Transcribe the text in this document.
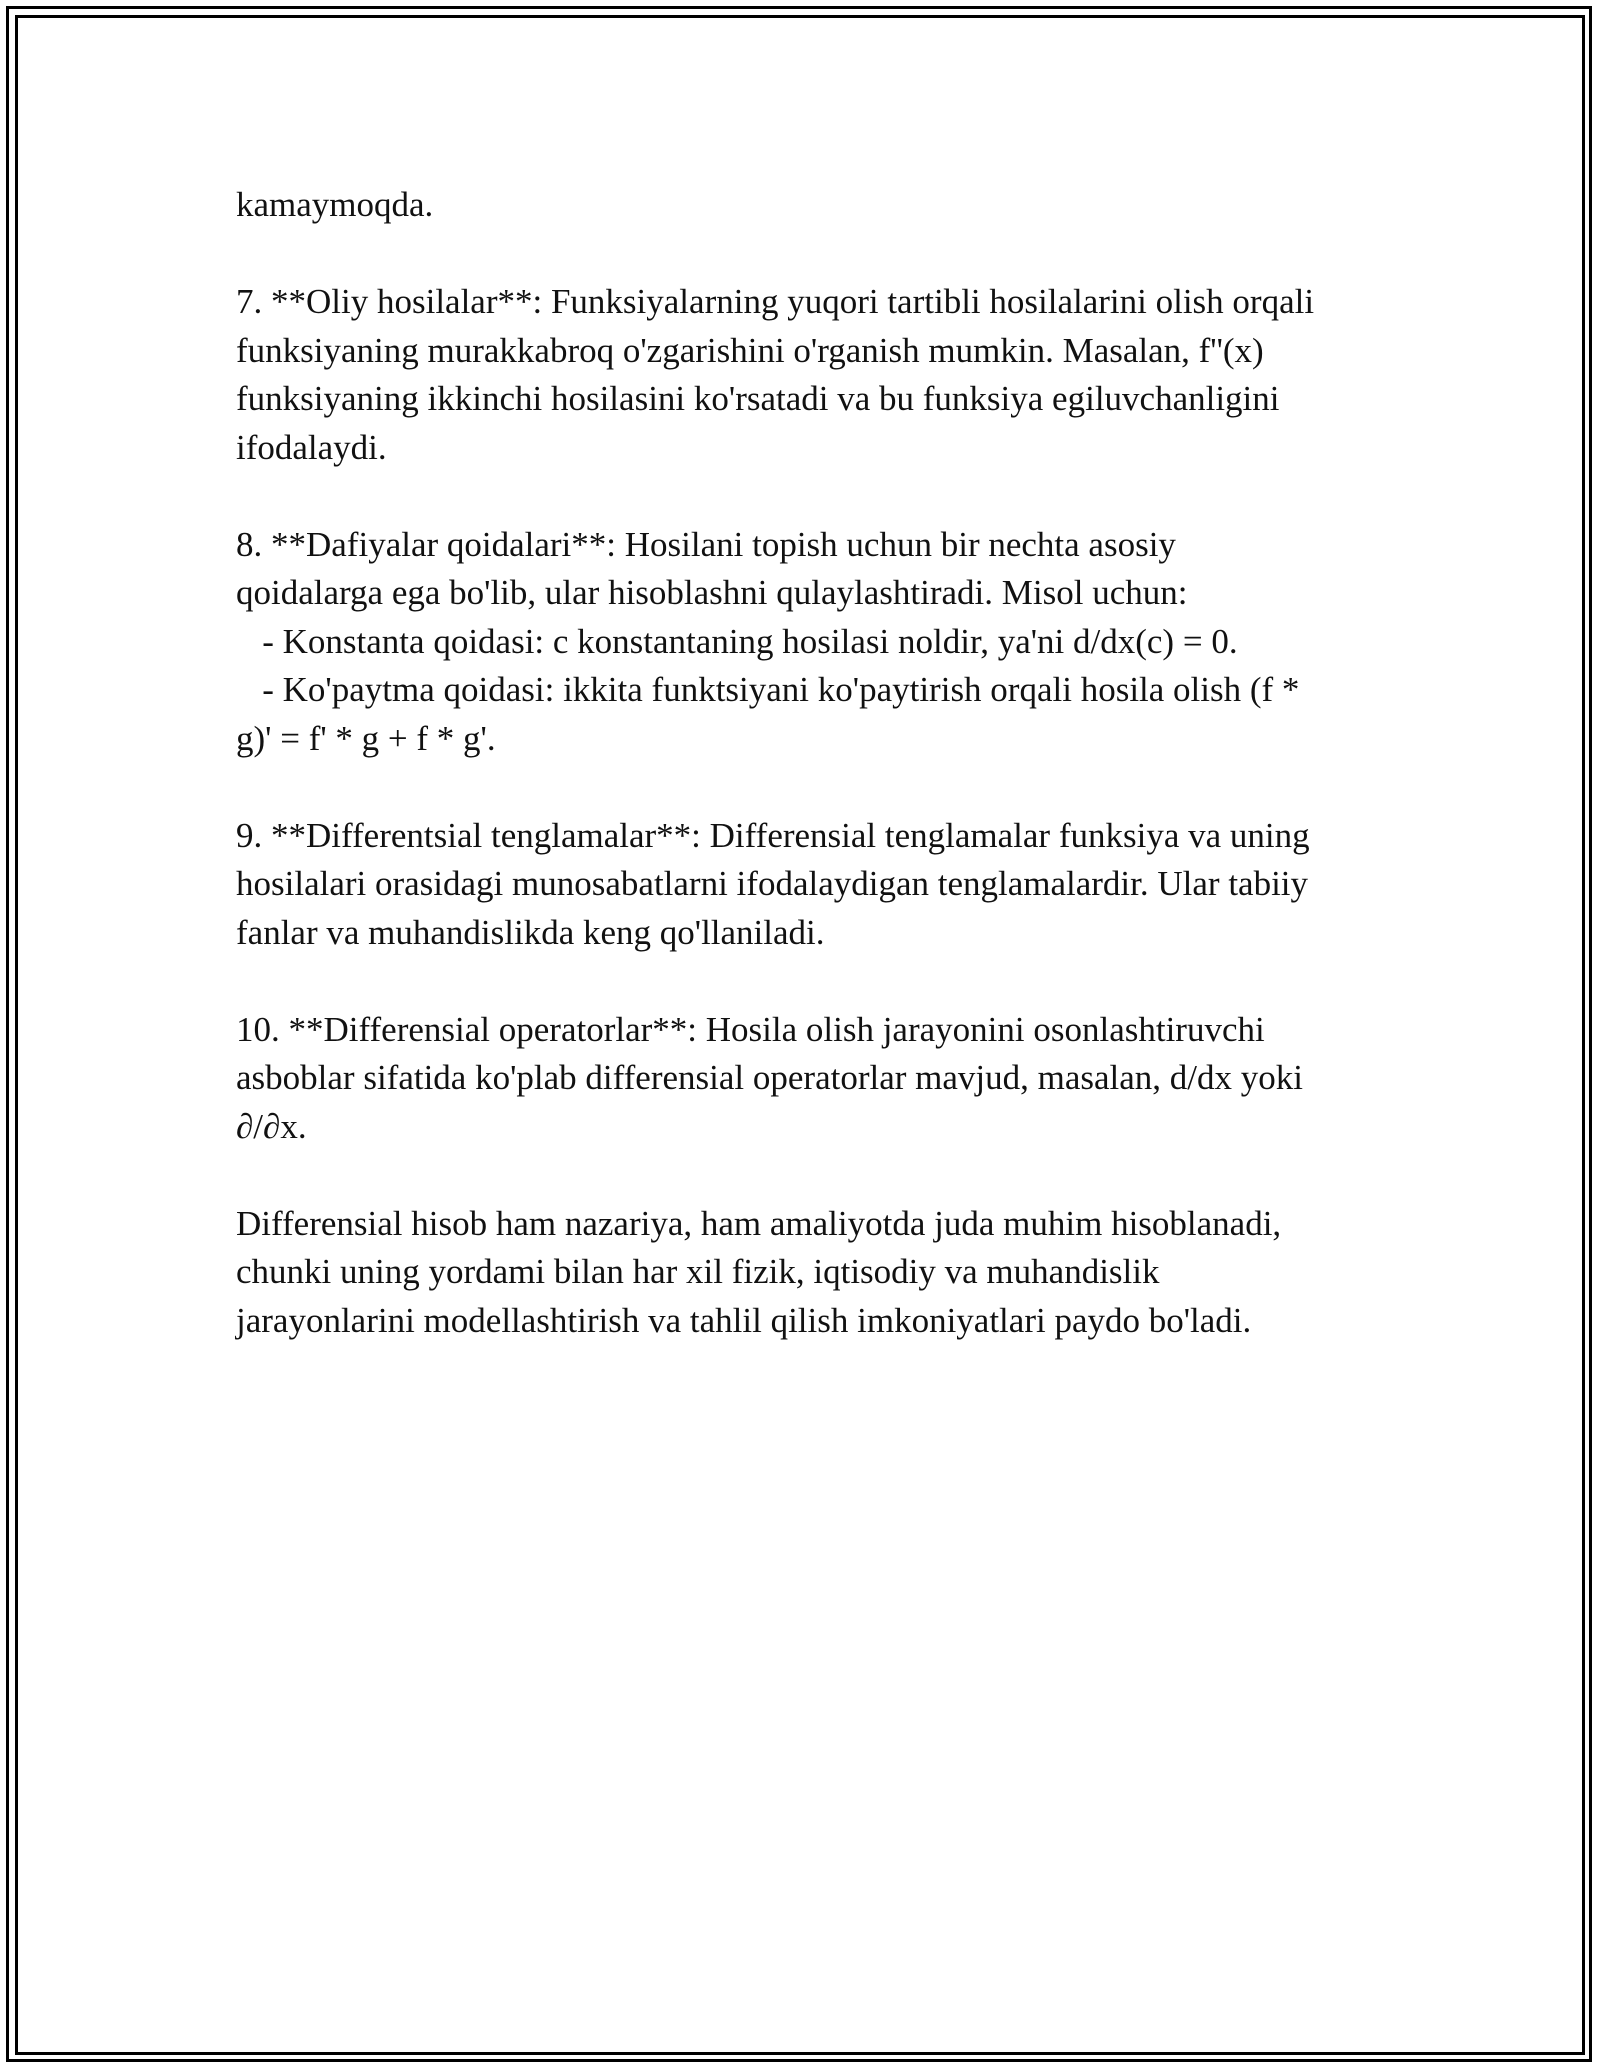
kamaymoqda.
7. **Oliy hosilalar**: Funksiyalarning yuqori tartibli hosilalarini olish orqali
funksiyaning murakkabroq o'zgarishini o'rganish mumkin. Masalan, f''(x)
funksiyaning ikkinchi hosilasini ko'rsatadi va bu funksiya egiluvchanligini
ifodalaydi.
8. **Dafiyalar qoidalari**: Hosilani topish uchun bir nechta asosiy
qoidalarga ega bo'lib, ular hisoblashni qulaylashtiradi. Misol uchun:
- Konstanta qoidasi: c konstantaning hosilasi noldir, ya'ni d/dx(c) = 0.
- Ko'paytma qoidasi: ikkita funktsiyani ko'paytirish orqali hosila olish (f *
g)' = f' * g + f * g'.
9. **Differentsial tenglamalar**: Differensial tenglamalar funksiya va uning
hosilalari orasidagi munosabatlarni ifodalaydigan tenglamalardir. Ular tabiiy
fanlar va muhandislikda keng qo'llaniladi.
10. **Differensial operatorlar**: Hosila olish jarayonini osonlashtiruvchi
asboblar sifatida ko'plab differensial operatorlar mavjud, masalan, d/dx yoki
∂/∂x.
Differensial hisob ham nazariya, ham amaliyotda juda muhim hisoblanadi,
chunki uning yordami bilan har xil fizik, iqtisodiy va muhandislik
jarayonlarini modellashtirish va tahlil qilish imkoniyatlari paydo bo'ladi.
